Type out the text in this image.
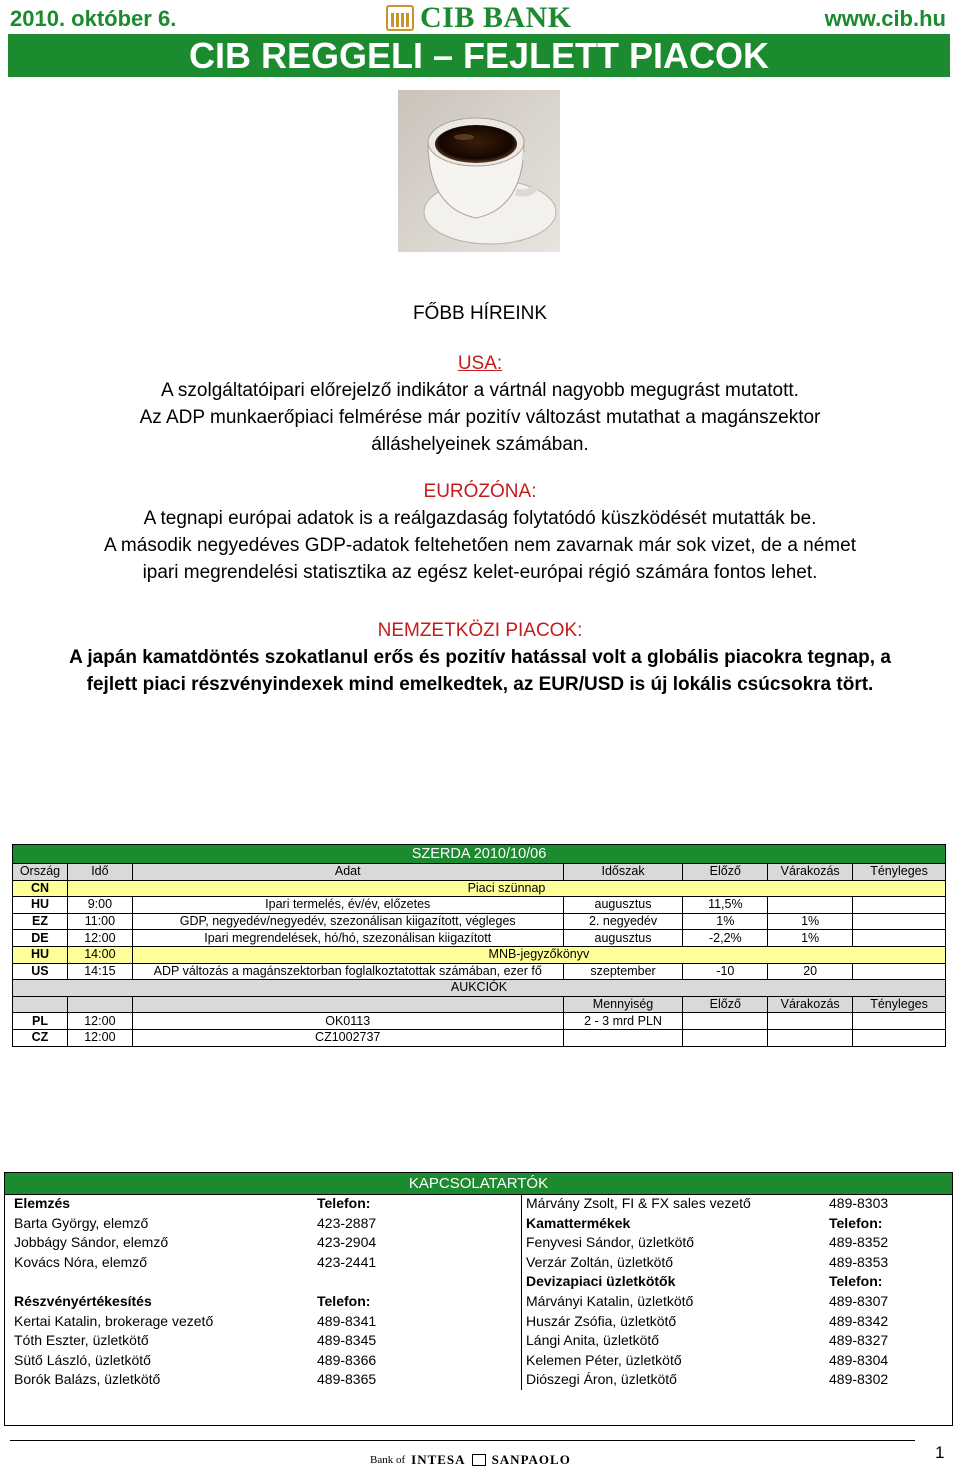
2010. október 6.	CIB BANK	www.cib.hu
CIB REGGELI – FEJLETT PIACOK
FŐBB HÍREINK
USA:
A szolgáltatóipari előrejelző indikátor a vártnál nagyobb megugrást mutatott.
Az ADP munkaerőpiaci felmérése már pozitív változást mutathat a magánszektor
álláshelyeinek számában.
EURÓZÓNA:
A tegnapi európai adatok is a reálgazdaság folytatódó küszködését mutatták be.
A második negyedéves GDP-adatok feltehetően nem zavarnak már sok vizet, de a német
ipari megrendelési statisztika az egész kelet-európai régió számára fontos lehet.
NEMZETKÖZI PIACOK:
A japán kamatdöntés szokatlanul erős és pozitív hatással volt a globális piacokra tegnap, a
fejlett piaci részvényindexek mind emelkedtek, az EUR/USD is új lokális csúcsokra tört.
SZERDA 2010/10/06						
Ország	Idő	Adat	Időszak	Előző	Várakozás	Tényleges
CN	Piaci szünnap					
HU	9:00	Ipari termelés, év/év, előzetes	augusztus	11,5%		
EZ	11:00	GDP, negyedév/negyedév, szezonálisan kiigazított, végleges	2. negyedév	1%	1%	
DE	12:00	Ipari megrendelések, hó/hó, szezonálisan kiigazított	augusztus	-2,2%	1%	
HU	14:00	MNB-jegyzőkönyv				
US	14:15	ADP változás a magánszektorban foglalkoztatottak számában, ezer fő	szeptember	-10	20	
AUKCIÓK						
			Mennyiség	Előző	Várakozás	Tényleges
PL	12:00	OK0113	2 - 3 mrd PLN			
CZ	12:00	CZ1002737				
KAPCSOLATARTÓK
Elemzés	Telefon:
Barta György, elemző	423-2887
Jobbágy Sándor, elemző	423-2904
Kovács Nóra, elemző	423-2441
Részvényértékesítés	Telefon:
Kertai Katalin, brokerage vezető	489-8341
Tóth Eszter, üzletkötő	489-8345
Sütő László, üzletkötő	489-8366
Borók Balázs, üzletkötő	489-8365
Márvány Zsolt, FI & FX sales vezető	489-8303
Kamattermékek	Telefon:
Fenyvesi Sándor, üzletkötő	489-8352
Verzár Zoltán, üzletkötő	489-8353
Devizapiaci üzletkötők	Telefon:
Márványi Katalin, üzletkötő	489-8307
Huszár Zsófia, üzletkötő	489-8342
Lángi Anita, üzletkötő	489-8327
Kelemen Péter, üzletkötő	489-8304
Diószegi Áron, üzletkötő	489-8302
Bank of INTESA SANPAOLO	1
